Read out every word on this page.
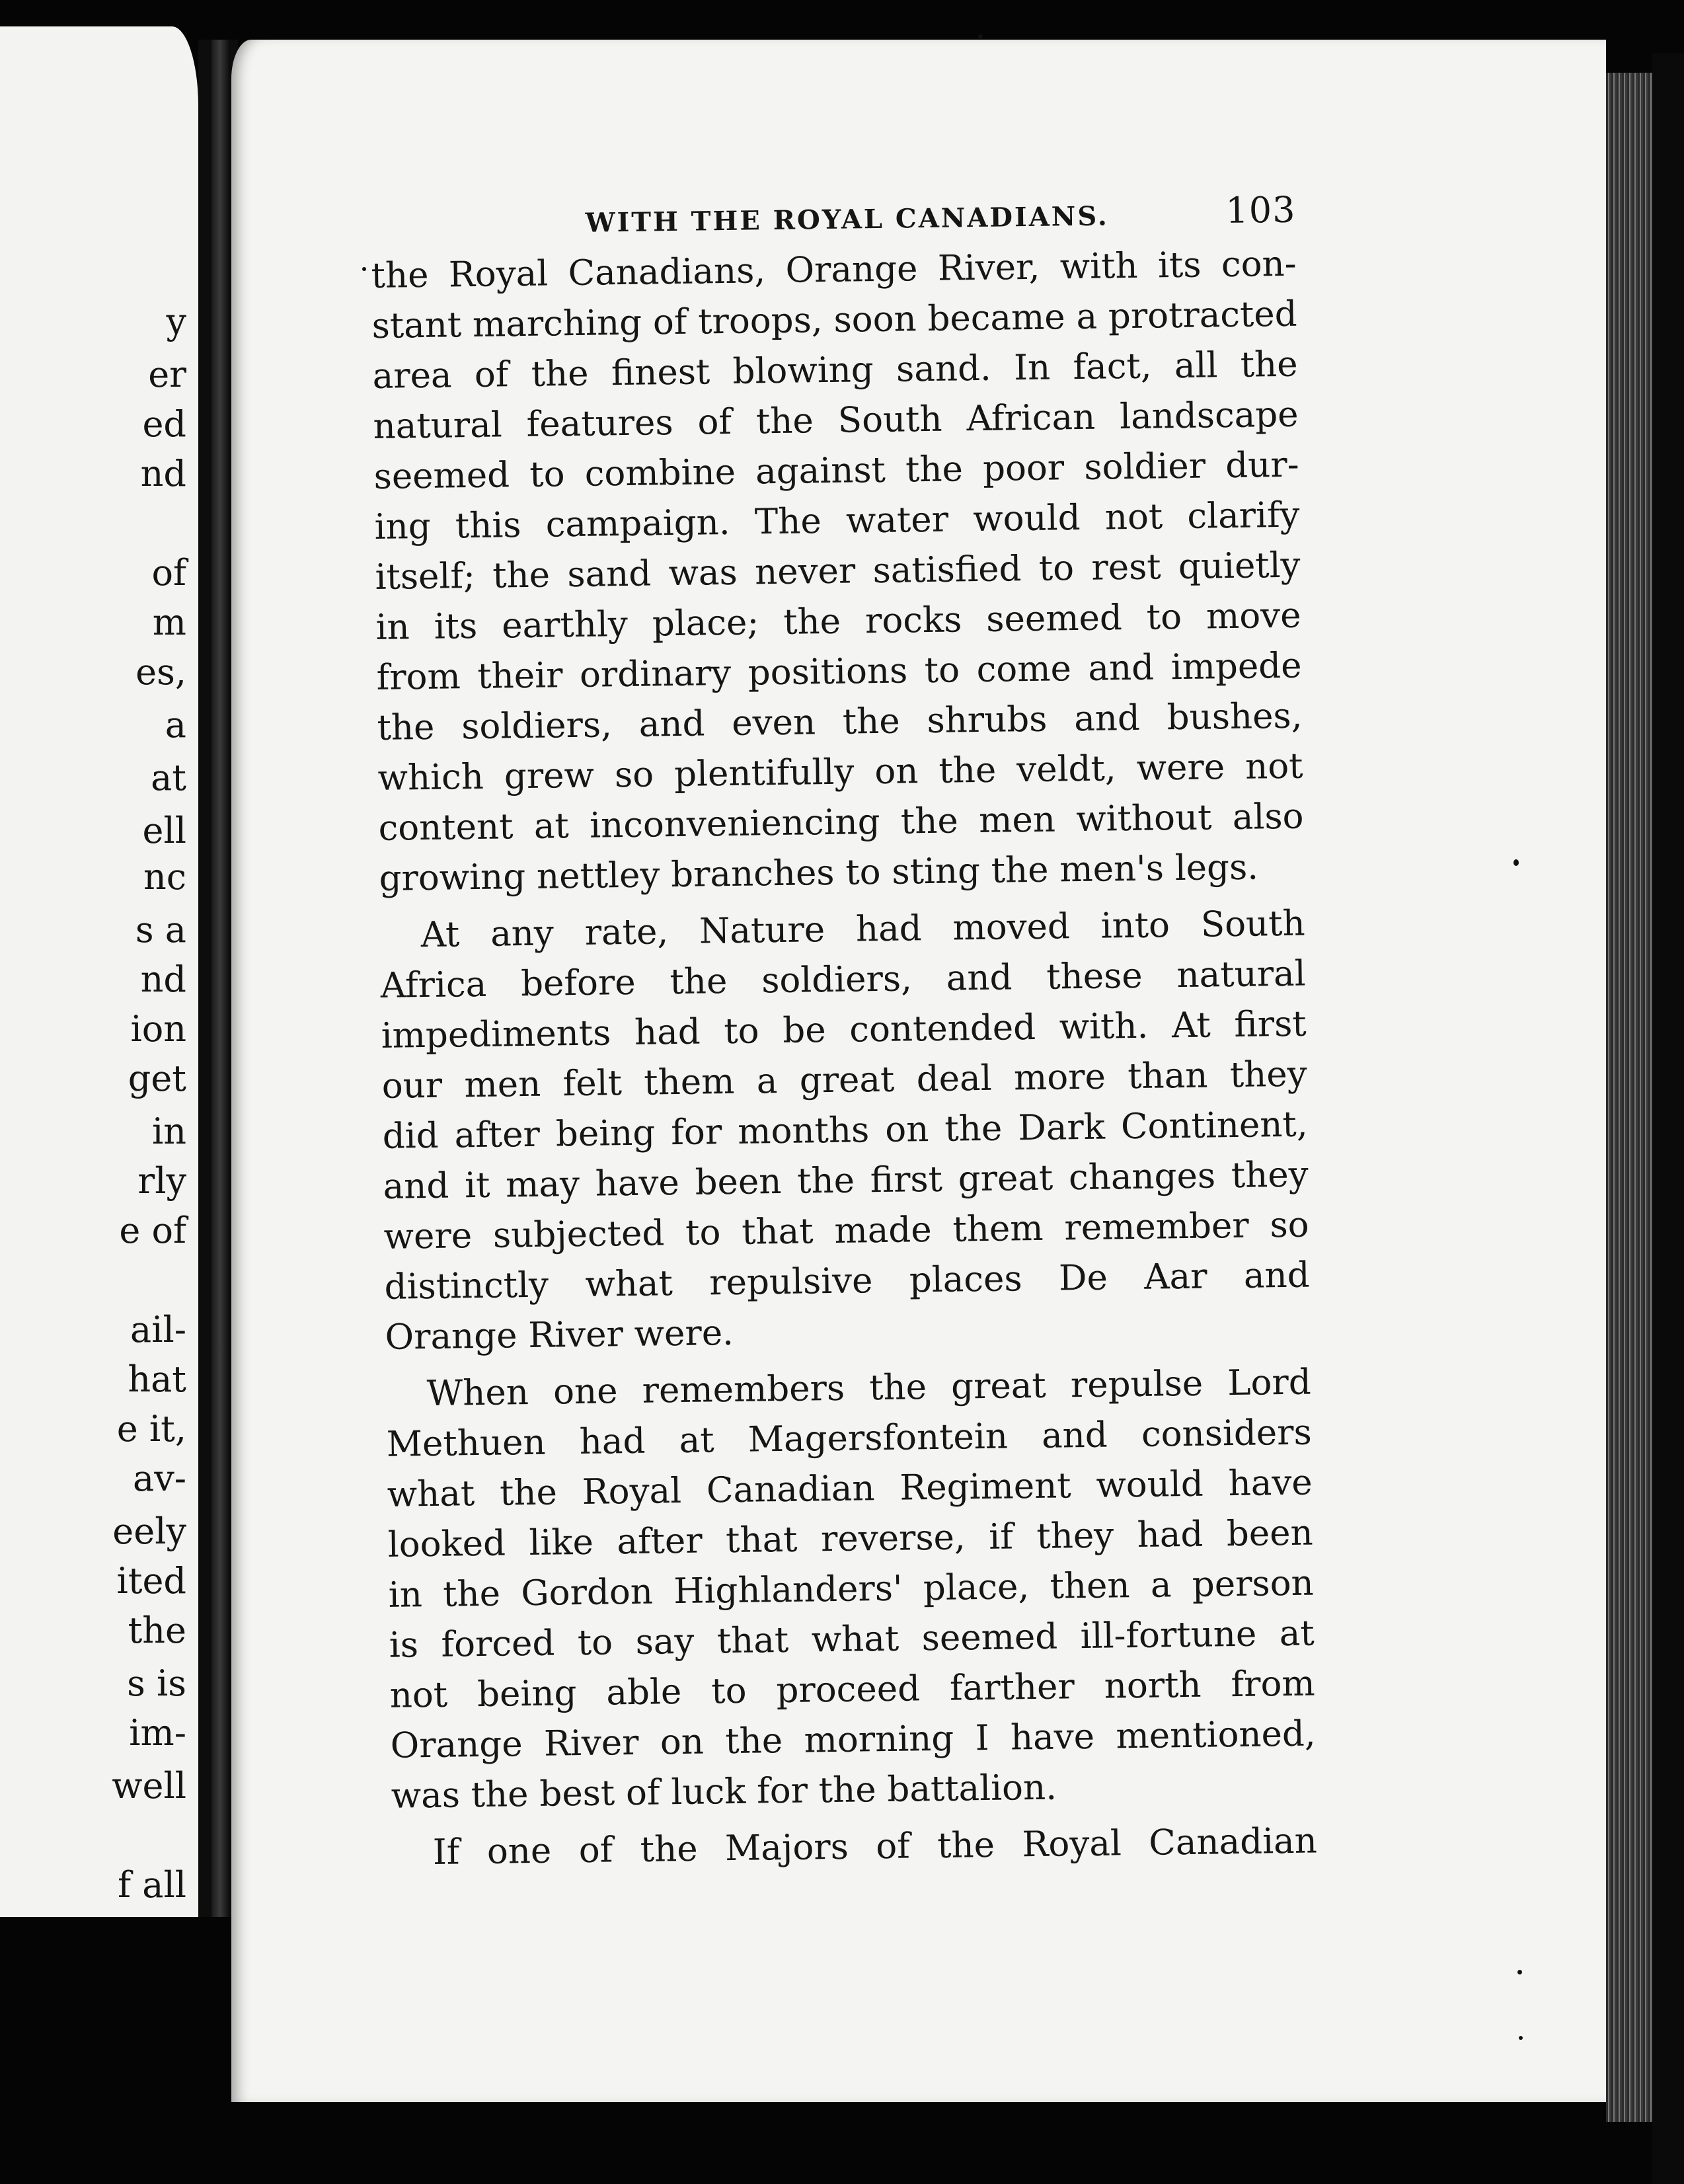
y
er
ed
nd
of
m
es,
a
at
ell
nc
s a
nd
ion
get
in
rly
e of
ail-
hat
e it,
av-
eely
ited
the
s is
im-
well
f all
WITH THE ROYAL CANADIANS.	103
the Royal Canadians, Orange River, with its con-
stant marching of troops, soon became a protracted
area of the finest blowing sand. In fact, all the
natural features of the South African landscape
seemed to combine against the poor soldier dur-
ing this campaign. The water would not clarify
itself; the sand was never satisfied to rest quietly
in its earthly place; the rocks seemed to move
from their ordinary positions to come and impede
the soldiers, and even the shrubs and bushes,
which grew so plentifully on the veldt, were not
content at inconveniencing the men without also
growing nettley branches to sting the men's legs.
At any rate, Nature had moved into South
Africa before the soldiers, and these natural
impediments had to be contended with. At first
our men felt them a great deal more than they
did after being for months on the Dark Continent,
and it may have been the first great changes they
were subjected to that made them remember so
distinctly what repulsive places De Aar and
Orange River were.
When one remembers the great repulse Lord
Methuen had at Magersfontein and considers
what the Royal Canadian Regiment would have
looked like after that reverse, if they had been
in the Gordon Highlanders' place, then a person
is forced to say that what seemed ill-fortune at
not being able to proceed farther north from
Orange River on the morning I have mentioned,
was the best of luck for the battalion.
If one of the Majors of the Royal Canadian
